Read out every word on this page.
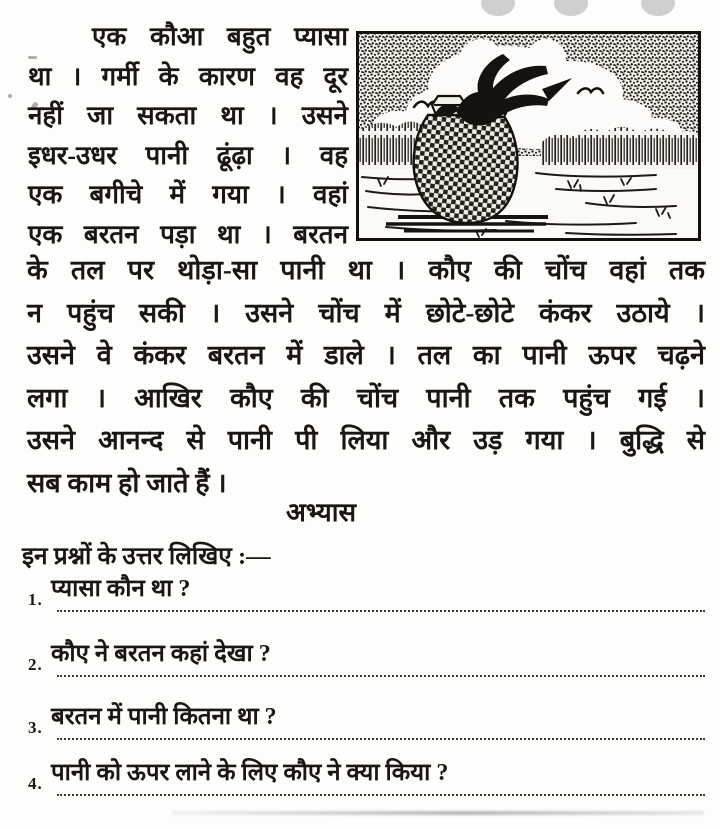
एक कौआ बहुत प्यासा
था । गर्मी के कारण वह दूर
नहीं जा सकता था । उसने
इधर-उधर पानी ढूंढ़ा । वह
एक बगीचे में गया । वहां
एक बरतन पड़ा था । बरतन
के तल पर थोड़ा-सा पानी था । कौए की चोंच वहां तक
न पहुंच सकी । उसने चोंच में छोटे-छोटे कंकर उठाये ।
उसने वे कंकर बरतन में डाले । तल का पानी ऊपर चढ़ने
लगा । आखिर कौए की चोंच पानी तक पहुंच गई ।
उसने आनन्द से पानी पी लिया और उड़ गया । बुद्धि से
सब काम हो जाते हैं ।
अभ्यास
इन प्रश्नों के उत्तर लिखिए :—
1. प्यासा कौन था ?
2. कौए ने बरतन कहां देखा ?
3. बरतन में पानी कितना था ?
4. पानी को ऊपर लाने के लिए कौए ने क्या किया ?
